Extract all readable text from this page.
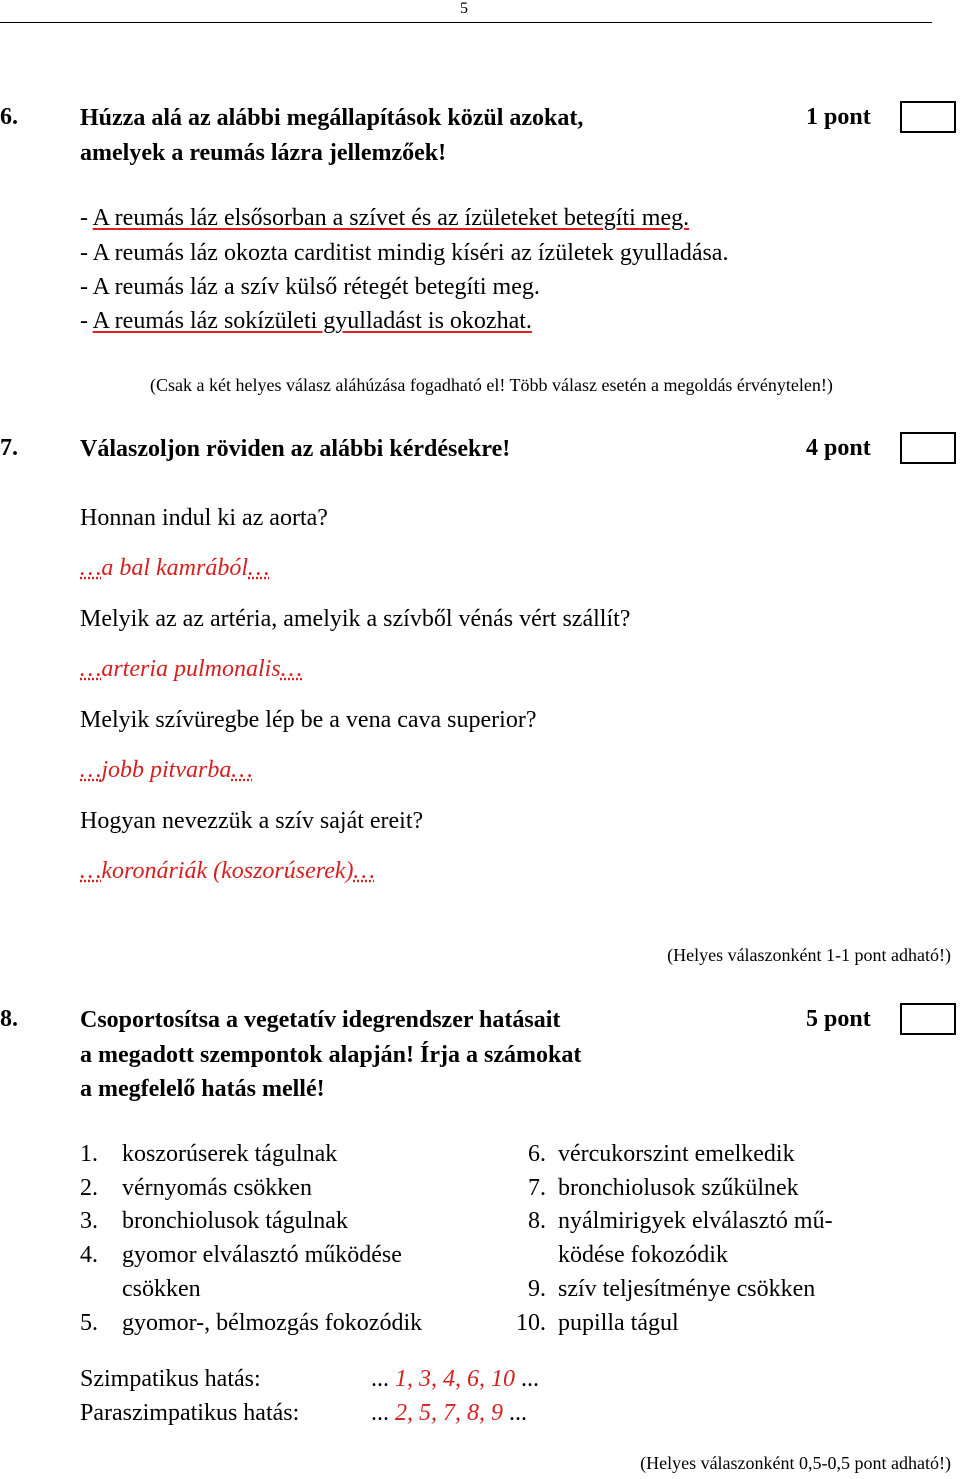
5
6.	Húzza alá az alábbi megállapítások közül azokat,
amelyek a reumás lázra jellemzőek!
1 pont
- A reumás láz elsősorban a szívet és az ízületeket betegíti meg.
- A reumás láz okozta carditist mindig kíséri az ízületek gyulladása.
- A reumás láz a szív külső rétegét betegíti meg.
- A reumás láz sokízületi gyulladást is okozhat.
(Csak a két helyes válasz aláhúzása fogadható el! Több válasz esetén a megoldás érvénytelen!)
7.	Válaszoljon röviden az alábbi kérdésekre!	4 pont
Honnan indul ki az aorta?
…a bal kamrából…
Melyik az az artéria, amelyik a szívből vénás vért szállít?
…arteria pulmonalis…
Melyik szívüregbe lép be a vena cava superior?
…jobb pitvarba…
Hogyan nevezzük a szív saját ereit?
…koronáriák (koszorúserek)…
(Helyes válaszonként 1-1 pont adható!)
8.	Csoportosítsa a vegetatív idegrendszer hatásait
a megadott szempontok alapján! Írja a számokat
a megfelelő hatás mellé!
5 pont
1. koszorúserek tágulnak
2. vérnyomás csökken
3. bronchiolusok tágulnak
4. gyomor elválasztó működése
csökken
5. gyomor-, bélmozgás fokozódik
6. vércukorszint emelkedik
7. bronchiolusok szűkülnek
8. nyálmirigyek elválasztó mű-
ködése fokozódik
9. szív teljesítménye csökken
10. pupilla tágul
Szimpatikus hatás:	... 1, 3, 4, 6, 10 ...
Paraszimpatikus hatás:	... 2, 5, 7, 8, 9 ...
(Helyes válaszonként 0,5-0,5 pont adható!)
